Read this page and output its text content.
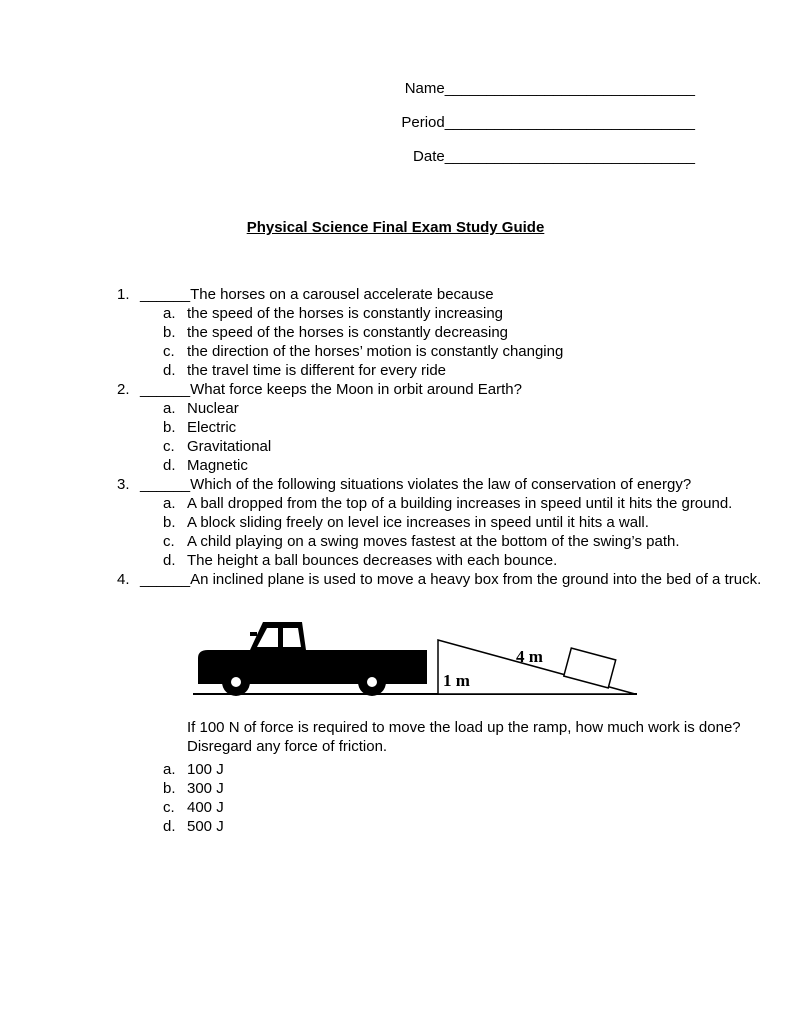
Name______________________________
Period______________________________
Date______________________________
Physical Science Final Exam Study Guide
1. ______The horses on a carousel accelerate because
a. the speed of the horses is constantly increasing
b. the speed of the horses is constantly decreasing
c. the direction of the horses’ motion is constantly changing
d. the travel time is different for every ride
2. ______What force keeps the Moon in orbit around Earth?
a. Nuclear
b. Electric
c. Gravitational
d. Magnetic
3. ______Which of the following situations violates the law of conservation of energy?
a. A ball dropped from the top of a building increases in speed until it hits the ground.
b. A block sliding freely on level ice increases in speed until it hits a wall.
c. A child playing on a swing moves fastest at the bottom of the swing’s path.
d. The height a ball bounces decreases with each bounce.
4. ______An inclined plane is used to move a heavy box from the ground into the bed of a truck.
1 m
4 m
If 100 N of force is required to move the load up the ramp, how much work is done?
Disregard any force of friction.
a. 100 J
b. 300 J
c. 400 J
d. 500 J
